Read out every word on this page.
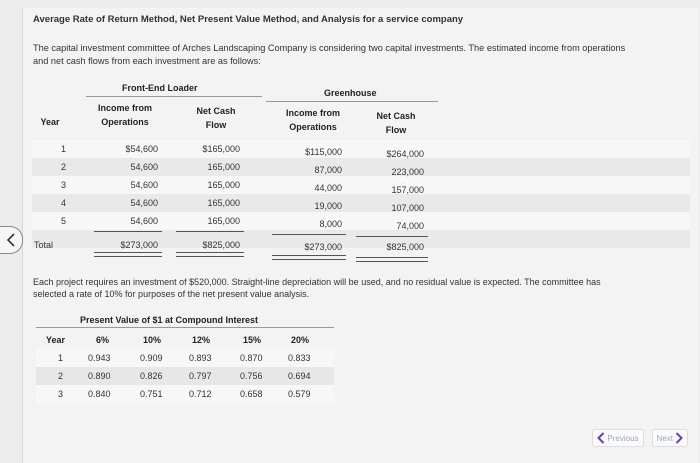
Average Rate of Return Method, Net Present Value Method, and Analysis for a service company
The capital investment committee of Arches Landscaping Company is considering two capital investments. The estimated income from operations
and net cash flows from each investment are as follows:
Front-End Loader	Greenhouse
Year
Income from
Operations
Net Cash
Flow
Income from
Operations
Net Cash
Flow
1	$54,600	$165,000	$115,000	$264,000
2	54,600	165,000	87,000	223,000
3	54,600	165,000	44,000	157,000
4	54,600	165,000	19,000	107,000
5	54,600	165,000	8,000	74,000
Total	$273,000	$825,000	$273,000	$825,000
Each project requires an investment of $520,000. Straight-line depreciation will be used, and no residual value is expected. The committee has
selected a rate of 10% for purposes of the net present value analysis.
Present Value of $1 at Compound Interest
Year	6%	10%	12%	15%	20%
1	0.943	0.909	0.893	0.870	0.833
2	0.890	0.826	0.797	0.756	0.694
3	0.840	0.751	0.712	0.658	0.579
Previous Next
